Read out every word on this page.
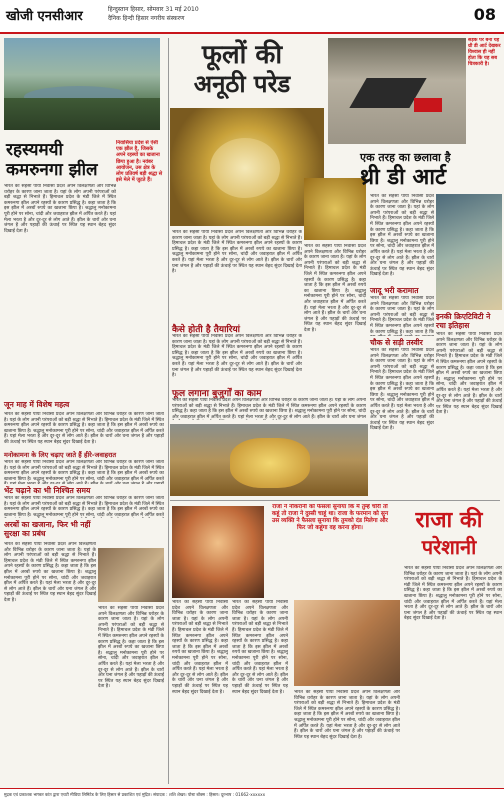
खोजी एनसीआर	हिन्दुस्तान हिसार, सोमवार 31 मई 2010
दैनिक हिन्दी हिसार नगरीय संस्करण	08
रहस्यमयी कमरुनगा झील
निवासिया प्रदेश से ऐसी एक झील है, जिसके अपने रहस्यों का खजाना छिपा हुआ है। नवंबर आयोजन, उस क्षेत्र के लोग प्रतिवर्ष बड़ी श्रद्धा से इसे मेले में जुटते हैं।
भारत का सहसी पाया निवासा प्रदेश अपने विलक्षणता और विभिन्न धरोहर के कारण जाना जाता है। यहां के लोग अपनी परंपराओं को बड़ी श्रद्धा से निभाते हैं। हिमाचल प्रदेश के मंडी जिले में स्थित कमरुनगा झील अपने रहस्यों के कारण प्रसिद्ध है। कहा जाता है कि इस झील में अरबों रुपये का खजाना छिपा है। श्रद्धालु मनोकामना पूरी होने पर सोना, चांदी और जवाहरात झील में अर्पित करते हैं। यहां मेला भरता है और दूर-दूर से लोग आते हैं। झील के चारों ओर घना जंगल है और पहाड़ों की ऊंचाई पर स्थित यह स्थान बेहद सुंदर दिखाई देता है।
जून माह में विशेष महत्व
भारत का सहसी पाया निवासा प्रदेश अपने विलक्षणता और विभिन्न धरोहर के कारण जाना जाता है। यहां के लोग अपनी परंपराओं को बड़ी श्रद्धा से निभाते हैं। हिमाचल प्रदेश के मंडी जिले में स्थित कमरुनगा झील अपने रहस्यों के कारण प्रसिद्ध है। कहा जाता है कि इस झील में अरबों रुपये का खजाना छिपा है। श्रद्धालु मनोकामना पूरी होने पर सोना, चांदी और जवाहरात झील में अर्पित करते हैं। यहां मेला भरता है और दूर-दूर से लोग आते हैं। झील के चारों ओर घना जंगल है और पहाड़ों की ऊंचाई पर स्थित यह स्थान बेहद सुंदर दिखाई देता है।
मनोकामना के लिए चढ़ाए जाते हैं हीरे-जवाहरात
भारत का सहसी पाया निवासा प्रदेश अपने विलक्षणता और विभिन्न धरोहर के कारण जाना जाता है। यहां के लोग अपनी परंपराओं को बड़ी श्रद्धा से निभाते हैं। हिमाचल प्रदेश के मंडी जिले में स्थित कमरुनगा झील अपने रहस्यों के कारण प्रसिद्ध है। कहा जाता है कि इस झील में अरबों रुपये का खजाना छिपा है। श्रद्धालु मनोकामना पूरी होने पर सोना, चांदी और जवाहरात झील में अर्पित करते
भेंट चढ़ाने का भी निश्चित समय
भारत का सहसी पाया निवासा प्रदेश अपने विलक्षणता और विभिन्न धरोहर के कारण जाना जाता है। यहां के लोग अपनी परंपराओं को बड़ी श्रद्धा से निभाते हैं। हिमाचल प्रदेश के मंडी जिले में स्थित कमरुनगा झील अपने रहस्यों के कारण प्रसिद्ध है। कहा जाता है कि इस झील में अरबों रुपये का खजाना छिपा है। श्रद्धालु मनोकामना पूरी होने पर सोना, चांदी और जवाहरात झील में अर्पित करते
अरबों का खजाना, फिर भी नहीं सुरक्षा का प्रबंध
भारत का सहसी पाया निवासा प्रदेश अपने विलक्षणता और विभिन्न धरोहर के कारण जाना जाता है। यहां के लोग अपनी परंपराओं को बड़ी श्रद्धा से निभाते हैं। हिमाचल प्रदेश के मंडी जिले में स्थित कमरुनगा झील अपने रहस्यों के कारण प्रसिद्ध है। कहा जाता है कि इस झील में अरबों रुपये का खजाना छिपा है। श्रद्धालु मनोकामना पूरी होने पर सोना, चांदी और जवाहरात झील में अर्पित करते हैं। यहां मेला भरता है और दूर-दूर से लोग आते हैं। झील के चारों ओर घना जंगल है और पहाड़ों की ऊंचाई पर स्थित यह स्थान बेहद सुंदर दिखाई देता है।
भारत का सहसी पाया निवासा प्रदेश अपने विलक्षणता और विभिन्न धरोहर के कारण जाना जाता है। यहां के लोग अपनी परंपराओं को बड़ी श्रद्धा से निभाते हैं। हिमाचल प्रदेश के मंडी जिले में स्थित कमरुनगा झील अपने रहस्यों के कारण प्रसिद्ध है। कहा जाता है कि इस झील में अरबों रुपये का खजाना छिपा है। श्रद्धालु मनोकामना पूरी होने पर सोना, चांदी और जवाहरात झील में अर्पित करते हैं। यहां मेला भरता है और दूर-दूर से लोग आते हैं। झील के चारों ओर घना जंगल है और पहाड़ों की ऊंचाई पर स्थित यह स्थान बेहद सुंदर दिखाई देता है।
फूलों की
अनूठी परेड
भारत का सहसी पाया निवासा प्रदेश अपने विलक्षणता और विभिन्न धरोहर के कारण जाना जाता है। यहां के लोग अपनी परंपराओं को बड़ी श्रद्धा से निभाते हैं। हिमाचल प्रदेश के मंडी जिले में स्थित कमरुनगा झील अपने रहस्यों के कारण प्रसिद्ध है। कहा जाता है कि इस झील में अरबों रुपये का खजाना छिपा है। श्रद्धालु मनोकामना पूरी होने पर सोना, चांदी और जवाहरात झील में अर्पित करते हैं। यहां मेला भरता है और दूर-दूर से लोग आते हैं। झील के चारों ओर घना जंगल है और पहाड़ों की ऊंचाई पर स्थित यह स्थान बेहद सुंदर दिखाई देता है।
कैसे होती है तैयारियां
भारत का सहसी पाया निवासा प्रदेश अपने विलक्षणता और विभिन्न धरोहर के कारण जाना जाता है। यहां के लोग अपनी परंपराओं को बड़ी श्रद्धा से निभाते हैं। हिमाचल प्रदेश के मंडी जिले में स्थित कमरुनगा झील अपने रहस्यों के कारण प्रसिद्ध है। कहा जाता है कि इस झील में अरबों रुपये का खजाना छिपा है। श्रद्धालु मनोकामना पूरी होने पर सोना, चांदी और जवाहरात झील में अर्पित करते हैं। यहां मेला भरता है और दूर-दूर से लोग आते हैं। झील के चारों ओर घना जंगल है और पहाड़ों की ऊंचाई पर स्थित यह स्थान बेहद सुंदर दिखाई देता है।
भारत का सहसी पाया निवासा प्रदेश अपने विलक्षणता और विभिन्न धरोहर के कारण जाना जाता है। यहां के लोग अपनी परंपराओं को बड़ी श्रद्धा से निभाते हैं। हिमाचल प्रदेश के मंडी जिले में स्थित कमरुनगा झील अपने रहस्यों के कारण प्रसिद्ध है। कहा जाता है कि इस झील में अरबों रुपये का खजाना छिपा है। श्रद्धालु मनोकामना पूरी होने पर सोना, चांदी और जवाहरात झील में अर्पित करते हैं। यहां मेला भरता है और दूर-दूर से लोग आते हैं। झील के चारों ओर घना जंगल है और पहाड़ों की ऊंचाई पर स्थित यह स्थान बेहद सुंदर दिखाई देता है।
फूल लगाना बुजुर्गों का काम
भारत का सहसी पाया निवासा प्रदेश अपने विलक्षणता और विभिन्न धरोहर के कारण जाना जाता है। यहां के लोग अपनी परंपराओं को बड़ी श्रद्धा से निभाते हैं। हिमाचल प्रदेश के मंडी जिले में स्थित कमरुनगा झील अपने रहस्यों के कारण प्रसिद्ध है। कहा जाता है कि इस झील में अरबों रुपये का खजाना छिपा है। श्रद्धालु मनोकामना पूरी होने पर सोना, चांदी और जवाहरात झील में अर्पित करते हैं। यहां मेला भरता है और दूर-दूर से लोग आते हैं। झील के चारों ओर घना जंगल
एक तरह का छलावा है
थ्री डी आर्ट
सड़क पर बना यह थ्री डी आर्ट देखकर विश्वास ही नहीं होता कि यह सब चित्रकारी है।
भारत का सहसी पाया निवासा प्रदेश अपने विलक्षणता और विभिन्न धरोहर के कारण जाना जाता है। यहां के लोग अपनी परंपराओं को बड़ी श्रद्धा से निभाते हैं। हिमाचल प्रदेश के मंडी जिले में स्थित कमरुनगा झील अपने रहस्यों के कारण प्रसिद्ध है। कहा जाता है कि इस झील में अरबों रुपये का खजाना छिपा है। श्रद्धालु मनोकामना पूरी होने पर सोना, चांदी और जवाहरात झील में अर्पित करते हैं। यहां मेला भरता है और दूर-दूर से लोग आते हैं। झील के चारों ओर घना जंगल है और पहाड़ों की ऊंचाई पर स्थित यह स्थान बेहद सुंदर दिखाई देता है।
जादू भरी करामात
भारत का सहसी पाया निवासा प्रदेश अपने विलक्षणता और विभिन्न धरोहर के कारण जाना जाता है। यहां के लोग अपनी परंपराओं को बड़ी श्रद्धा से निभाते हैं। हिमाचल प्रदेश के मंडी जिले में स्थित कमरुनगा झील अपने रहस्यों के कारण प्रसिद्ध है। कहा जाता है कि
चौक से सड़ी तस्वीर
भारत का सहसी पाया निवासा प्रदेश अपने विलक्षणता और विभिन्न धरोहर के कारण जाना जाता है। यहां के लोग अपनी परंपराओं को बड़ी श्रद्धा से निभाते हैं। हिमाचल प्रदेश के मंडी जिले में स्थित कमरुनगा झील अपने रहस्यों के कारण प्रसिद्ध है। कहा जाता है कि इस झील में अरबों रुपये का खजाना छिपा है। श्रद्धालु मनोकामना पूरी होने पर सोना, चांदी और जवाहरात झील में अर्पित करते हैं। यहां मेला भरता है और दूर-दूर से लोग आते हैं। झील के चारों ओर घना जंगल है और पहाड़ों की ऊंचाई पर स्थित यह स्थान बेहद सुंदर दिखाई देता है।
इनकी क्रिएटिविटी ने रचा इतिहास
भारत का सहसी पाया निवासा प्रदेश अपने विलक्षणता और विभिन्न धरोहर के कारण जाना जाता है। यहां के लोग अपनी परंपराओं को बड़ी श्रद्धा से निभाते हैं। हिमाचल प्रदेश के मंडी जिले में स्थित कमरुनगा झील अपने रहस्यों के कारण प्रसिद्ध है। कहा जाता है कि इस झील में अरबों रुपये का खजाना छिपा है। श्रद्धालु मनोकामना पूरी होने पर सोना, चांदी और जवाहरात झील में अर्पित करते हैं। यहां मेला भरता है और दूर-दूर से लोग आते हैं। झील के चारों ओर घना जंगल है और पहाड़ों की ऊंचाई पर स्थित यह स्थान बेहद सुंदर दिखाई देता है।
राजा ने नौकरानी को फैसला सुनाया कि मैं तुम्हें चोरी तो कहूं तो राजा ने दुस्सी चाहूं था। राजा के फरमान को सुन उस व्यक्ति ने फैसला सुनाया कि तुमको दंड मिलेगा और फिर जो कहूंगा वह करना होगा।	राजा की
परेशानी
भारत का सहसी पाया निवासा प्रदेश अपने विलक्षणता और विभिन्न धरोहर के कारण जाना जाता है। यहां के लोग अपनी परंपराओं को बड़ी श्रद्धा से निभाते हैं। हिमाचल प्रदेश के मंडी जिले में स्थित कमरुनगा झील अपने रहस्यों के कारण प्रसिद्ध है। कहा जाता है कि इस झील में अरबों रुपये का खजाना छिपा है। श्रद्धालु मनोकामना पूरी होने पर सोना, चांदी और जवाहरात झील में अर्पित करते हैं। यहां मेला भरता है और दूर-दूर से लोग आते हैं। झील के चारों ओर घना जंगल है और पहाड़ों की ऊंचाई पर स्थित यह स्थान बेहद सुंदर दिखाई देता है।
भारत का सहसी पाया निवासा प्रदेश अपने विलक्षणता और विभिन्न धरोहर के कारण जाना जाता है। यहां के लोग अपनी परंपराओं को बड़ी श्रद्धा से निभाते हैं। हिमाचल प्रदेश के मंडी जिले में स्थित कमरुनगा झील अपने रहस्यों के कारण प्रसिद्ध है। कहा जाता है कि इस झील में अरबों रुपये का खजाना छिपा है। श्रद्धालु मनोकामना पूरी होने पर सोना, चांदी और जवाहरात झील में अर्पित करते हैं। यहां मेला भरता है और दूर-दूर से लोग आते हैं। झील के चारों ओर घना जंगल है और पहाड़ों की ऊंचाई पर स्थित यह स्थान बेहद सुंदर दिखाई देता है।	भारत का सहसी पाया निवासा प्रदेश अपने विलक्षणता और विभिन्न धरोहर के कारण जाना जाता है। यहां के लोग अपनी परंपराओं को बड़ी श्रद्धा से निभाते हैं। हिमाचल प्रदेश के मंडी जिले में स्थित कमरुनगा झील अपने रहस्यों के कारण प्रसिद्ध है। कहा जाता है कि इस झील में अरबों रुपये का खजाना छिपा है। श्रद्धालु मनोकामना पूरी होने पर सोना, चांदी और जवाहरात झील में अर्पित करते हैं। यहां मेला भरता है और दूर-दूर से लोग आते हैं। झील के चारों ओर घना जंगल है और पहाड़ों की ऊंचाई पर स्थित यह स्थान बेहद सुंदर दिखाई देता है।
भारत का सहसी पाया निवासा प्रदेश अपने विलक्षणता और विभिन्न धरोहर के कारण जाना जाता है। यहां के लोग अपनी परंपराओं को बड़ी श्रद्धा से निभाते हैं। हिमाचल प्रदेश के मंडी जिले में स्थित कमरुनगा झील अपने रहस्यों के कारण प्रसिद्ध है। कहा जाता है कि इस झील में अरबों रुपये का खजाना छिपा है। श्रद्धालु मनोकामना पूरी होने पर सोना, चांदी और जवाहरात झील में अर्पित करते हैं। यहां मेला भरता है और दूर-दूर से लोग आते हैं। झील के चारों ओर घना जंगल है और पहाड़ों की ऊंचाई पर स्थित यह स्थान बेहद सुंदर दिखाई देता है।
मुद्रक एवं प्रकाशक भाष्कर कांत द्वारा एचटी मीडिया लिमिटेड के लिए हिसार से प्रकाशित एवं मुद्रित। संपादक : शशि शेखर। पोस्ट बॉक्स : हिसार। दूरभाष : 01662-xxxxxx
